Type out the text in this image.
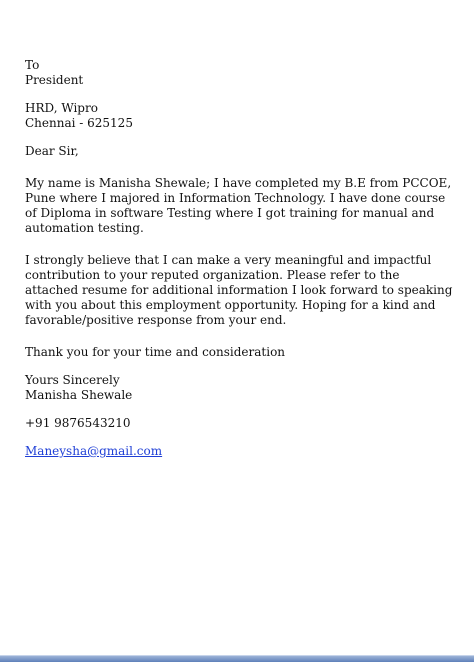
To
President
HRD, Wipro
Chennai - 625125
Dear Sir,
My name is Manisha Shewale; I have completed my B.E from PCCOE, Pune where I majored in Information Technology. I have done course of Diploma in software Testing where I got training for manual and automation testing.
I strongly believe that I can make a very meaningful and impactful contribution to your reputed organization. Please refer to the attached resume for additional information I look forward to speaking with you about this employment opportunity. Hoping for a kind and favorable/positive response from your end.
Thank you for your time and consideration
Yours Sincerely
Manisha Shewale
+91 9876543210
Maneysha@gmail.com
